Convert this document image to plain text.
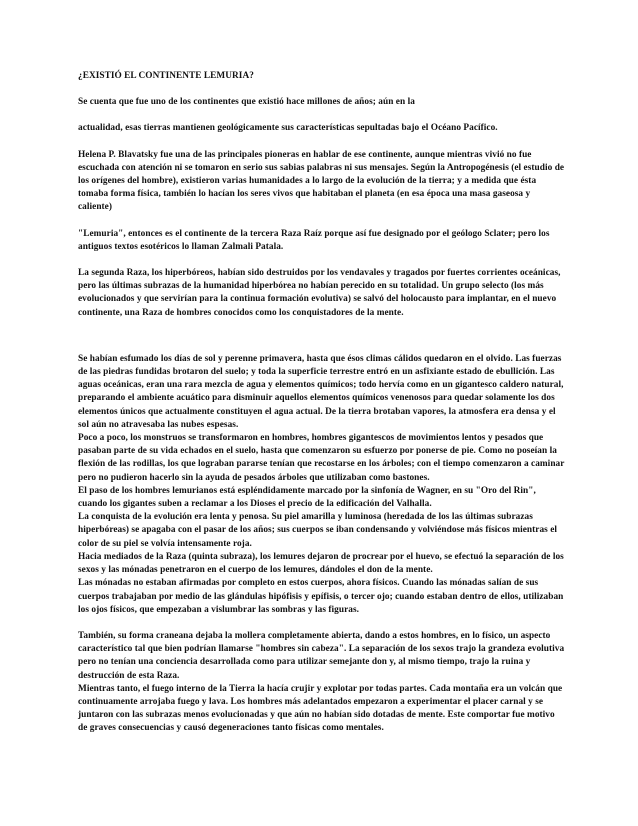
¿EXISTIÓ EL CONTINENTE LEMURIA?

Se cuenta que fue uno de los continentes que existió hace millones de años; aún en la

actualidad, esas tierras mantienen geológicamente sus características sepultadas bajo el Océano Pacífico.

Helena P. Blavatsky fue una de las principales pioneras en hablar de ese continente, aunque mientras vivió no fue escuchada con atención ni se tomaron en serio sus sabias palabras ni sus mensajes. Según la Antropogénesis (el estudio de los orígenes del hombre), existieron varias humanidades a lo largo de la evolución de la tierra; y a medida que ésta tomaba forma física, también lo hacían los seres vivos que habitaban el planeta (en esa época una masa gaseosa y caliente)

"Lemuria", entonces es el continente de la tercera Raza Raíz porque así fue designado por el geólogo Sclater; pero los antiguos textos esotéricos lo llaman Zalmali Patala.

La segunda Raza, los hiperbóreos, habían sido destruidos por los vendavales y tragados por fuertes corrientes oceánicas, pero las últimas subrazas de la humanidad hiperbórea no habían perecido en su totalidad. Un grupo selecto (los más evolucionados y que servirían para la continua formación evolutiva) se salvó del holocausto para implantar, en el nuevo continente, una Raza de hombres conocidos como los conquistadores de la mente.

Se habían esfumado los días de sol y perenne primavera, hasta que ésos climas cálidos quedaron en el olvido. Las fuerzas de las piedras fundidas brotaron del suelo; y toda la superficie terrestre entró en un asfixiante estado de ebullición. Las aguas oceánicas, eran una rara mezcla de agua y elementos químicos; todo hervía como en un gigantesco caldero natural, preparando el ambiente acuático para disminuir aquellos elementos químicos venenosos para quedar solamente los dos elementos únicos que actualmente constituyen el agua actual. De la tierra brotaban vapores, la atmosfera era densa y el sol aún no atravesaba las nubes espesas.

Poco a poco, los monstruos se transformaron en hombres, hombres gigantescos de movimientos lentos y pesados que pasaban parte de su vida echados en el suelo, hasta que comenzaron su esfuerzo por ponerse de pie. Como no poseían la flexión de las rodillas, los que lograban pararse tenían que recostarse en los árboles; con el tiempo comenzaron a caminar pero no pudieron hacerlo sin la ayuda de pesados árboles que utilizaban como bastones.

El paso de los hombres lemurianos está espléndidamente marcado por la sinfonía de Wagner, en su "Oro del Rin", cuando los gigantes suben a reclamar a los Dioses el precio de la edificación del Valhalla.

La conquista de la evolución era lenta y penosa. Su piel amarilla y luminosa (heredada de los las últimas subrazas hiperbóreas) se apagaba con el pasar de los años; sus cuerpos se iban condensando y volviéndose más físicos mientras el color de su piel se volvía intensamente roja.

Hacia mediados de la Raza (quinta subraza), los lemures dejaron de procrear por el huevo, se efectuó la separación de los sexos y las mónadas penetraron en el cuerpo de los lemures, dándoles el don de la mente.

Las mónadas no estaban afirmadas por completo en estos cuerpos, ahora físicos. Cuando las mónadas salían de sus cuerpos trabajaban por medio de las glándulas hipófisis y epífisis, o tercer ojo; cuando estaban dentro de ellos, utilizaban los ojos físicos, que empezaban a vislumbrar las sombras y las figuras.

También, su forma craneana dejaba la mollera completamente abierta, dando a estos hombres, en lo físico, un aspecto característico tal que bien podrían llamarse "hombres sin cabeza". La separación de los sexos trajo la grandeza evolutiva pero no tenían una conciencia desarrollada como para utilizar semejante don y, al mismo tiempo, trajo la ruina y destrucción de esta Raza.

Mientras tanto, el fuego interno de la Tierra la hacía crujir y explotar por todas partes. Cada montaña era un volcán que continuamente arrojaba fuego y lava. Los hombres más adelantados empezaron a experimentar el placer carnal y se juntaron con las subrazas menos evolucionadas y que aún no habían sido dotadas de mente. Este comportar fue motivo de graves consecuencias y causó degeneraciones tanto físicas como mentales.
